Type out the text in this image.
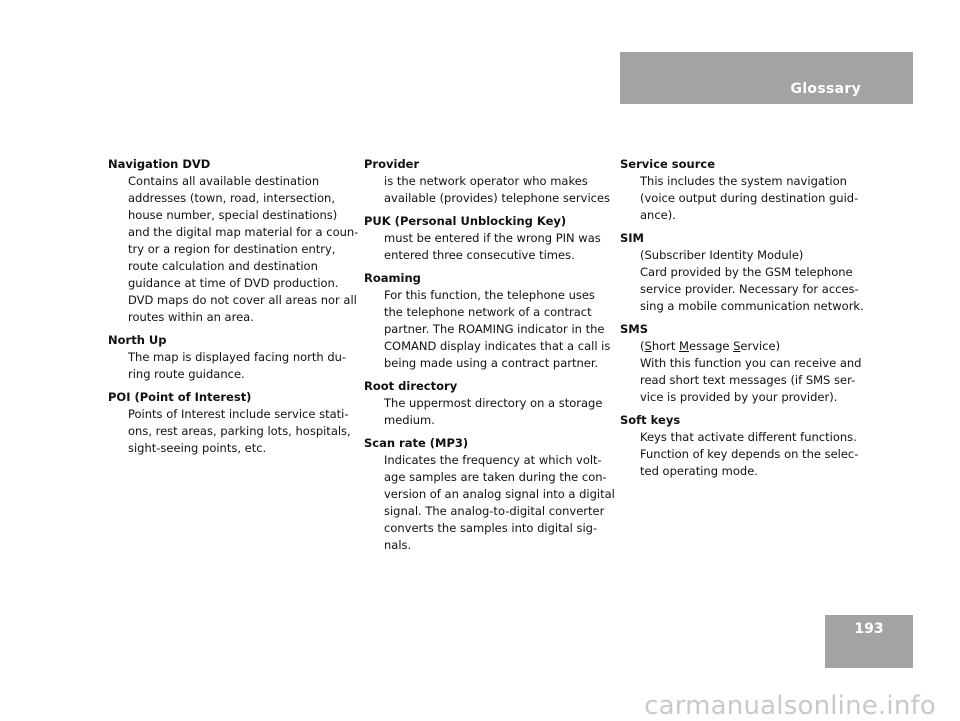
Glossary
Navigation DVD
Contains all available destination
addresses (town, road, intersection,
house number, special destinations)
and the digital map material for a coun-
try or a region for destination entry,
route calculation and destination
guidance at time of DVD production.
DVD maps do not cover all areas nor all
routes within an area.
North Up
The map is displayed facing north du-
ring route guidance.
POI (Point of Interest)
Points of Interest include service stati-
ons, rest areas, parking lots, hospitals,
sight-seeing points, etc.
Provider
is the network operator who makes
available (provides) telephone services
PUK (Personal Unblocking Key)
must be entered if the wrong PIN was
entered three consecutive times.
Roaming
For this function, the telephone uses
the telephone network of a contract
partner. The ROAMING indicator in the
COMAND display indicates that a call is
being made using a contract partner.
Root directory
The uppermost directory on a storage
medium.
Scan rate (MP3)
Indicates the frequency at which volt-
age samples are taken during the con-
version of an analog signal into a digital
signal. The analog-to-digital converter
converts the samples into digital sig-
nals.
Service source
This includes the system navigation
(voice output during destination guid-
ance).
SIM
(Subscriber Identity Module)
Card provided by the GSM telephone
service provider. Necessary for acces-
sing a mobile communication network.
SMS
(Short Message Service)
With this function you can receive and
read short text messages (if SMS ser-
vice is provided by your provider).
Soft keys
Keys that activate different functions.
Function of key depends on the selec-
ted operating mode.
193
carmanualsonline.info
